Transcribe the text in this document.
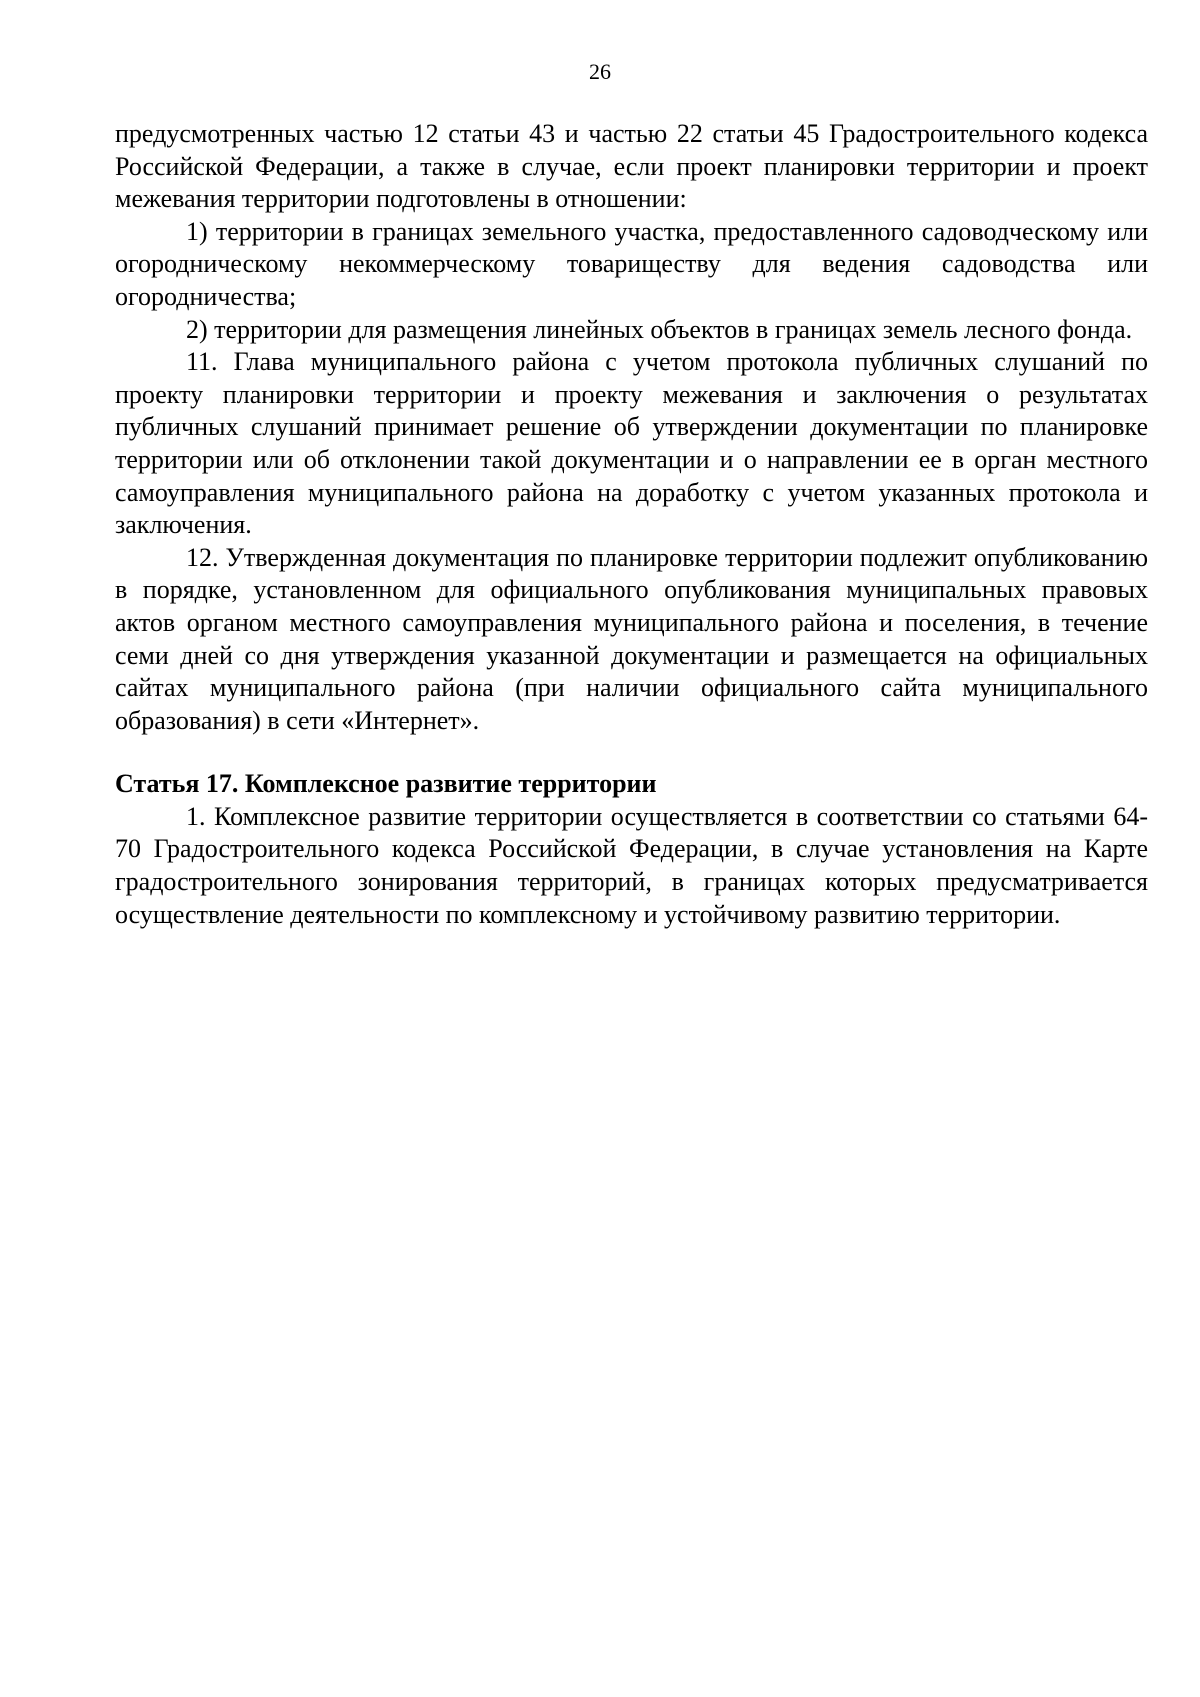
26

предусмотренных частью 12 статьи 43 и частью 22 статьи 45 Градостроительного кодекса Российской Федерации, а также в случае, если проект планировки территории и проект межевания территории подготовлены в отношении:

1) территории в границах земельного участка, предоставленного садоводческому или огородническому некоммерческому товариществу для ведения садоводства или огородничества;

2) территории для размещения линейных объектов в границах земель лесного фонда.

11. Глава муниципального района с учетом протокола публичных слушаний по проекту планировки территории и проекту межевания и заключения о результатах публичных слушаний принимает решение об утверждении документации по планировке территории или об отклонении такой документации и о направлении ее в орган местного самоуправления муниципального района на доработку с учетом указанных протокола и заключения.

12. Утвержденная документация по планировке территории подлежит опубликованию в порядке, установленном для официального опубликования муниципальных правовых актов органом местного самоуправления муниципального района и поселения, в течение семи дней со дня утверждения указанной документации и размещается на официальных сайтах муниципального района (при наличии официального сайта муниципального образования) в сети «Интернет».

Статья 17. Комплексное развитие территории

1. Комплексное развитие территории осуществляется в соответствии со статьями 64-70 Градостроительного кодекса Российской Федерации, в случае установления на Карте градостроительного зонирования территорий, в границах которых предусматривается осуществление деятельности по комплексному и устойчивому развитию территории.
